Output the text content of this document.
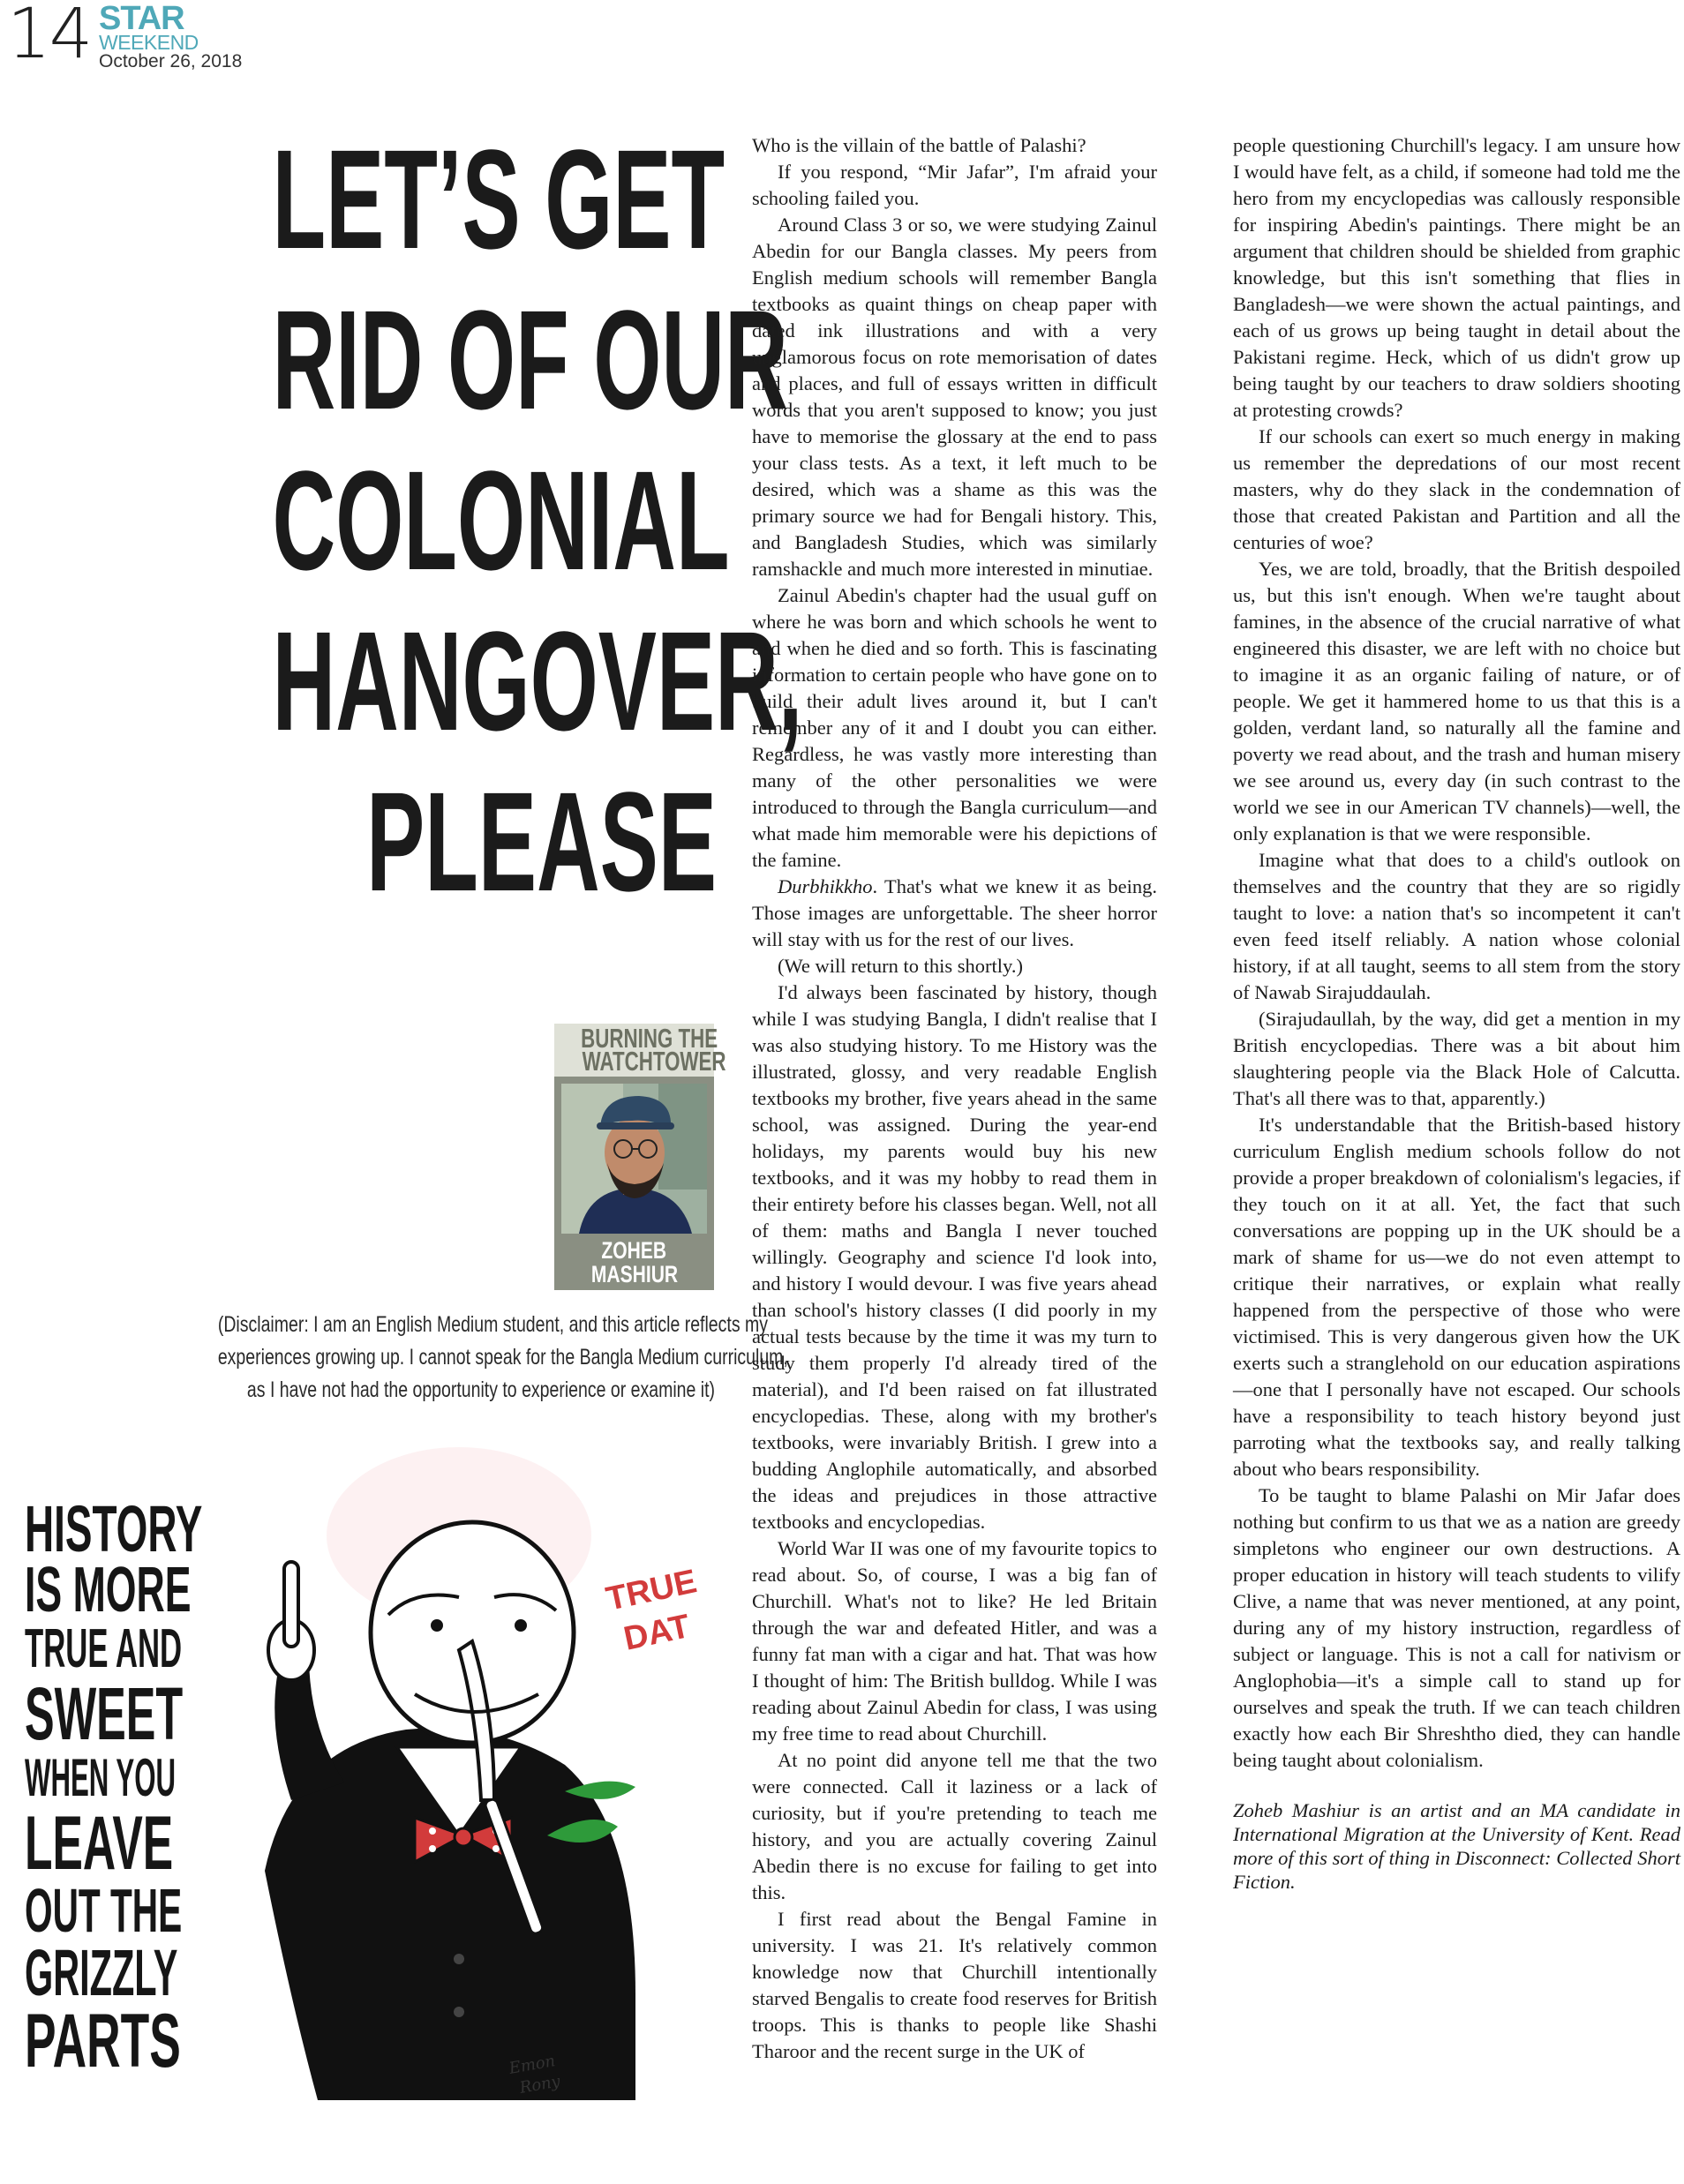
14 STAR
WEEKEND
October 26, 2018
LET’S GET
RID OF OUR
COLONIAL
HANGOVER,
PLEASE
BURNING THE
WATCHTOWER
ZOHEB
MASHIUR
(Disclaimer: I am an English Medium student, and this article reflects my
experiences growing up. I cannot speak for the Bangla Medium curriculum,
as I have not had the opportunity to experience or examine it)
TRUE
DAT
Emon
Rony
HISTORY
IS MORE
TRUE AND
SWEET
WHEN YOU
LEAVE
OUT THE
GRIZZLY
PARTS

Who is the villain of the battle of Palashi?

If you respond, “Mir Jafar”, I'm afraid your schooling failed you.

Around Class 3 or so, we were studying Zainul Abedin for our Bangla classes. My peers from English medium schools will remember Bangla textbooks as quaint things on cheap paper with dated ink illustrations and with a very unglamorous focus on rote memorisation of dates and places, and full of essays written in difficult words that you aren't supposed to know; you just have to memorise the glossary at the end to pass your class tests. As a text, it left much to be desired, which was a shame as this was the primary source we had for Bengali history. This, and Bangladesh Studies, which was similarly ramshackle and much more interested in minutiae.

Zainul Abedin's chapter had the usual guff on where he was born and which schools he went to and when he died and so forth. This is fascinating information to certain people who have gone on to build their adult lives around it, but I can't remember any of it and I doubt you can either. Regardless, he was vastly more interesting than many of the other personalities we were introduced to through the Bangla curriculum—and what made him memorable were his depictions of the famine.

Durbhikkho. That's what we knew it as being. Those images are unforgettable. The sheer horror will stay with us for the rest of our lives.

(We will return to this shortly.)

I'd always been fascinated by history, though while I was studying Bangla, I didn't realise that I was also studying history. To me History was the illustrated, glossy, and very readable English textbooks my brother, five years ahead in the same school, was assigned. During the year-end holidays, my parents would buy his new textbooks, and it was my hobby to read them in their entirety before his classes began. Well, not all of them: maths and Bangla I never touched willingly. Geography and science I'd look into, and history I would devour. I was five years ahead than school's history classes (I did poorly in my actual tests because by the time it was my turn to study them properly I'd already tired of the material), and I'd been raised on fat illustrated encyclopedias. These, along with my brother's textbooks, were invariably British. I grew into a budding Anglophile automatically, and absorbed the ideas and prejudices in those attractive textbooks and encyclopedias.

World War II was one of my favourite topics to read about. So, of course, I was a big fan of Churchill. What's not to like? He led Britain through the war and defeated Hitler, and was a funny fat man with a cigar and hat. That was how I thought of him: The British bulldog. While I was reading about Zainul Abedin for class, I was using my free time to read about Churchill.

At no point did anyone tell me that the two were connected. Call it laziness or a lack of curiosity, but if you're pretending to teach me history, and you are actually covering Zainul Abedin there is no excuse for failing to get into this.

I first read about the Bengal Famine in university. I was 21. It's relatively common knowledge now that Churchill intentionally starved Bengalis to create food reserves for British troops. This is thanks to people like Shashi Tharoor and the recent surge in the UK of

people questioning Churchill's legacy. I am unsure how I would have felt, as a child, if someone had told me the hero from my encyclopedias was callously responsible for inspiring Abedin's paintings. There might be an argument that children should be shielded from graphic knowledge, but this isn't something that flies in Bangladesh—we were shown the actual paintings, and each of us grows up being taught in detail about the Pakistani regime. Heck, which of us didn't grow up being taught by our teachers to draw soldiers shooting at protesting crowds?

If our schools can exert so much energy in making us remember the depredations of our most recent masters, why do they slack in the condemnation of those that created Pakistan and Partition and all the centuries of woe?

Yes, we are told, broadly, that the British despoiled us, but this isn't enough. When we're taught about famines, in the absence of the crucial narrative of what engineered this disaster, we are left with no choice but to imagine it as an organic failing of nature, or of people. We get it hammered home to us that this is a golden, verdant land, so naturally all the famine and poverty we read about, and the trash and human misery we see around us, every day (in such contrast to the world we see in our American TV channels)—well, the only explanation is that we were responsible.

Imagine what that does to a child's outlook on themselves and the country that they are so rigidly taught to love: a nation that's so incompetent it can't even feed itself reliably. A nation whose colonial history, if at all taught, seems to all stem from the story of Nawab Sirajuddaulah.

(Sirajudaullah, by the way, did get a mention in my British encyclopedias. There was a bit about him slaughtering people via the Black Hole of Calcutta. That's all there was to that, apparently.)

It's understandable that the British-based history curriculum English medium schools follow do not provide a proper breakdown of colonialism's legacies, if they touch on it at all. Yet, the fact that such conversations are popping up in the UK should be a mark of shame for us—we do not even attempt to critique their narratives, or explain what really happened from the perspective of those who were victimised. This is very dangerous given how the UK exerts such a stranglehold on our education aspirations—one that I personally have not escaped. Our schools have a responsibility to teach history beyond just parroting what the textbooks say, and really talking about who bears responsibility.

To be taught to blame Palashi on Mir Jafar does nothing but confirm to us that we as a nation are greedy simpletons who engineer our own destructions. A proper education in history will teach students to vilify Clive, a name that was never mentioned, at any point, during any of my history instruction, regardless of subject or language. This is not a call for nativism or Anglophobia—it's a simple call to stand up for ourselves and speak the truth. If we can teach children exactly how each Bir Shreshtho died, they can handle being taught about colonialism.

Zoheb Mashiur is an artist and an MA candidate in International Migration at the University of Kent. Read more of this sort of thing in Disconnect: Collected Short Fiction.
